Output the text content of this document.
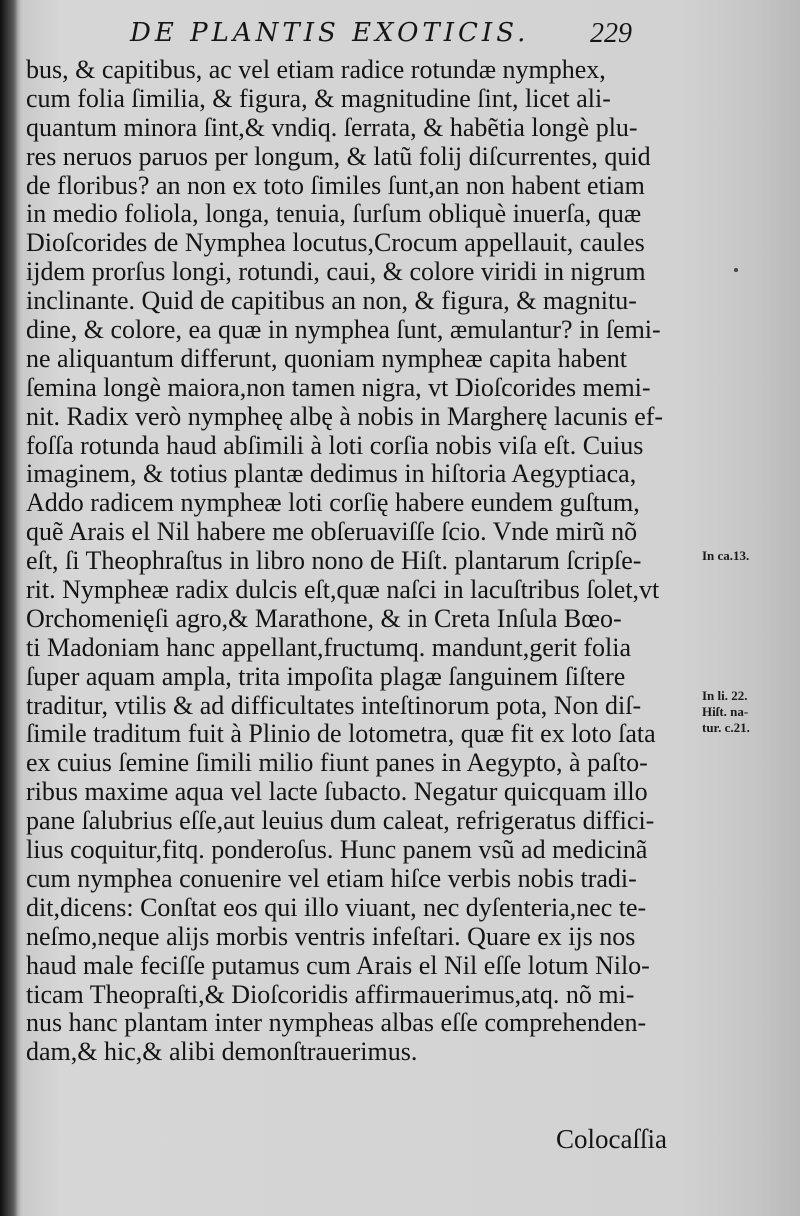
DE PLANTIS EXOTICIS.	229
bus, & capitibus, ac vel etiam radice rotundæ nymphex,
cum folia ſimilia, & figura, & magnitudine ſint, licet ali-
quantum minora ſint,& vndiq. ſerrata, & habẽtia longè plu-
res neruos paruos per longum, & latũ folij diſcurrentes, quid
de floribus? an non ex toto ſimiles ſunt,an non habent etiam
in medio foliola, longa, tenuia, ſurſum obliquè inuerſa, quæ
Dioſcorides de Nymphea locutus,Crocum appellauit, caules
ijdem prorſus longi, rotundi, caui, & colore viridi in nigrum
inclinante. Quid de capitibus an non, & figura, & magnitu-
dine, & colore, ea quæ in nymphea ſunt, æmulantur? in ſemi-
ne aliquantum differunt, quoniam nympheæ capita habent
ſemina longè maiora,non tamen nigra, vt Dioſcorides memi-
nit. Radix verò nympheę albę à nobis in Margherę lacunis ef-
foſſa rotunda haud abſimili à loti corſia nobis viſa eſt. Cuius
imaginem, & totius plantæ dedimus in hiſtoria Aegyptiaca,
Addo radicem nympheæ loti corſię habere eundem guſtum,
quẽ Arais el Nil habere me obſeruaviſſe ſcio. Vnde mirũ nõ
eſt, ſi Theophraſtus in libro nono de Hiſt. plantarum ſcripſe-
rit. Nympheæ radix dulcis eſt,quæ naſci in lacuſtribus ſolet,vt
Orchomenięſi agro,& Marathone, & in Creta Inſula Bœo-
ti Madoniam hanc appellant,fructumq. mandunt,gerit folia
ſuper aquam ampla, trita impoſita plagæ ſanguinem ſiſtere
traditur, vtilis & ad difficultates inteſtinorum pota, Non diſ-
ſimile traditum fuit à Plinio de lotometra, quæ fit ex loto ſata
ex cuius ſemine ſimili milio fiunt panes in Aegypto, à paſto-
ribus maxime aqua vel lacte ſubacto. Negatur quicquam illo
pane ſalubrius eſſe,aut leuius dum caleat, refrigeratus diffici-
lius coquitur,fitq. ponderoſus. Hunc panem vsũ ad medicinã
cum nymphea conuenire vel etiam hiſce verbis nobis tradi-
dit,dicens: Conſtat eos qui illo viuant, nec dyſenteria,nec te-
neſmo,neque alijs morbis ventris infeſtari. Quare ex ijs nos
haud male feciſſe putamus cum Arais el Nil eſſe lotum Nilo-
ticam Theopraſti,& Dioſcoridis affirmauerimus,atq. nõ mi-
nus hanc plantam inter nympheas albas eſſe comprehenden-
dam,& hic,& alibi demonſtrauerimus.
In ca.13.
In li. 22.
Hiſt. na-
tur. c.21.
Colocaſſia
